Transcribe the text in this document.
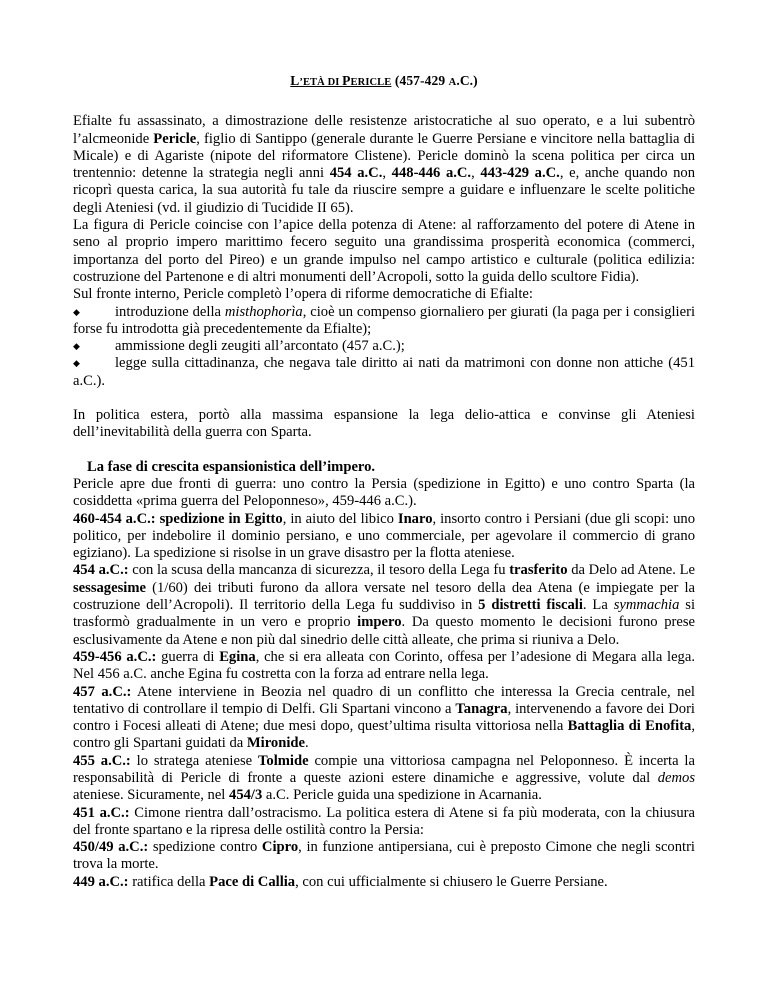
L’ETÀ DI PERICLE (457-429 A.C.)

Efialte fu assassinato, a dimostrazione delle resistenze aristocratiche al suo operato, e a lui subentrò l’alcmeonide Pericle, figlio di Santippo (generale durante le Guerre Persiane e vincitore nella battaglia di Micale) e di Agariste (nipote del riformatore Clistene). Pericle dominò la scena politica per circa un trentennio: detenne la strategia negli anni 454 a.C., 448-446 a.C., 443-429 a.C., e, anche quando non ricoprì questa carica, la sua autorità fu tale da riuscire sempre a guidare e influenzare le scelte politiche degli Ateniesi (vd. il giudizio di Tucidide II 65).

La figura di Pericle coincise con l’apice della potenza di Atene: al rafforzamento del potere di Atene in seno al proprio impero marittimo fecero seguito una grandissima prosperità economica (commerci, importanza del porto del Pireo) e un grande impulso nel campo artistico e culturale (politica edilizia: costruzione del Partenone e di altri monumenti dell’Acropoli, sotto la guida dello scultore Fidia).

Sul fronte interno, Pericle completò l’opera di riforme democratiche di Efialte:

◆ introduzione della misthophorìa, cioè un compenso giornaliero per giurati (la paga per i consiglieri forse fu introdotta già precedentemente da Efialte);

◆ ammissione degli zeugiti all’arcontato (457 a.C.);

◆ legge sulla cittadinanza, che negava tale diritto ai nati da matrimoni con donne non attiche (451 a.C.).

In politica estera, portò alla massima espansione la lega delio-attica e convinse gli Ateniesi dell’inevitabilità della guerra con Sparta.

La fase di crescita espansionistica dell’impero.

Pericle apre due fronti di guerra: uno contro la Persia (spedizione in Egitto) e uno contro Sparta (la cosiddetta «prima guerra del Peloponneso», 459-446 a.C.).

460-454 a.C.: spedizione in Egitto, in aiuto del libico Inaro, insorto contro i Persiani (due gli scopi: uno politico, per indebolire il dominio persiano, e uno commerciale, per agevolare il commercio di grano egiziano). La spedizione si risolse in un grave disastro per la flotta ateniese.

454 a.C.: con la scusa della mancanza di sicurezza, il tesoro della Lega fu trasferito da Delo ad Atene. Le sessagesime (1/60) dei tributi furono da allora versate nel tesoro della dea Atena (e impiegate per la costruzione dell’Acropoli). Il territorio della Lega fu suddiviso in 5 distretti fiscali. La symmachia si trasformò gradualmente in un vero e proprio impero. Da questo momento le decisioni furono prese esclusivamente da Atene e non più dal sinedrio delle città alleate, che prima si riuniva a Delo.

459-456 a.C.: guerra di Egina, che si era alleata con Corinto, offesa per l’adesione di Megara alla lega. Nel 456 a.C. anche Egina fu costretta con la forza ad entrare nella lega.

457 a.C.: Atene interviene in Beozia nel quadro di un conflitto che interessa la Grecia centrale, nel tentativo di controllare il tempio di Delfi. Gli Spartani vincono a Tanagra, intervenendo a favore dei Dori contro i Focesi alleati di Atene; due mesi dopo, quest’ultima risulta vittoriosa nella Battaglia di Enofita, contro gli Spartani guidati da Mironide.

455 a.C.: lo stratega ateniese Tolmide compie una vittoriosa campagna nel Peloponneso. È incerta la responsabilità di Pericle di fronte a queste azioni estere dinamiche e aggressive, volute dal demos ateniese. Sicuramente, nel 454/3 a.C. Pericle guida una spedizione in Acarnania.

451 a.C.: Cimone rientra dall’ostracismo. La politica estera di Atene si fa più moderata, con la chiusura del fronte spartano e la ripresa delle ostilità contro la Persia:

450/49 a.C.: spedizione contro Cipro, in funzione antipersiana, cui è preposto Cimone che negli scontri trova la morte.

449 a.C.: ratifica della Pace di Callia, con cui ufficialmente si chiusero le Guerre Persiane.
